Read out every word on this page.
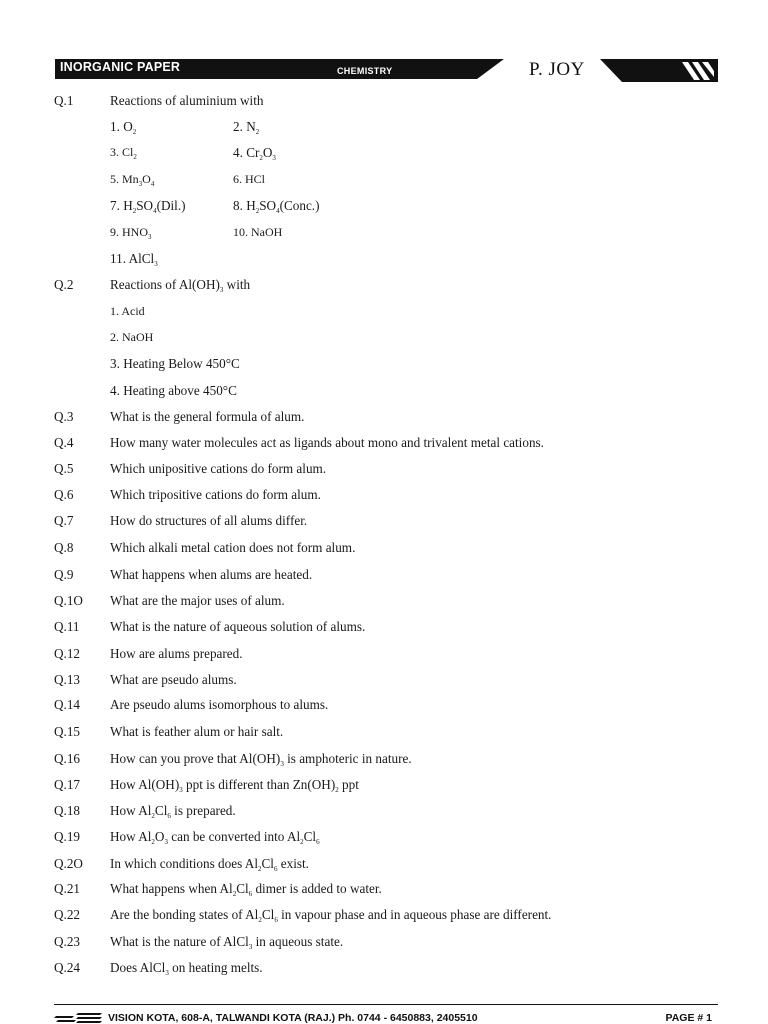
INORGANIC PAPER	CHEMISTRY	P. JOY
Q.1	Reactions of aluminium with
1. $O_2$	2. $N_2$
3. $Cl_2$	4. $Cr_2O_3$
5. $Mn_3O_4$	6. HCl
7. $H_2SO_4(Dil.)$	8. $H_2SO_4(Conc.)$
9. $HNO_3$	10. NaOH
11. AlCl$_3$
Q.2	Reactions of $Al(OH)_3$ with
1. Acid
2. NaOH
3. Heating Below 450°C
4. Heating above 450°C
Q.3	What is the general formula of alum.
Q.4	How many water molecules act as ligands about mono and trivalent metal cations.
Q.5	Which unipositive cations do form alum.
Q.6	Which tripositive cations do form alum.
Q.7	How do structures of all alums differ.
Q.8	Which alkali metal cation does not form alum.
Q.9	What happens when alums are heated.
Q.1O What are the major uses of alum.
Q.11 What is the nature of aqueous solution of alums.
Q.12 How are alums prepared.
Q.13 What are pseudo alums.
Q.14 Are pseudo alums isomorphous to alums.
Q.15 What is feather alum or hair salt.
Q.16 How can you prove that $Al(OH)_3$ is amphoteric in nature.
Q.17 How $Al(OH)_3$ ppt is different than $Zn(OH)_2$ ppt
Q.18 How $Al_2Cl_6$ is prepared.
Q.19 How $Al_2O_3$ can be converted into $Al_2Cl_6$
Q.2O In which conditions does $Al_2Cl_6$ exist.
Q.21 What happens when $Al_2Cl_6$ dimer is added to water.
Q.22 Are the bonding states of $Al_2Cl_6$ in vapour phase and in aqueous phase are different.
Q.23 What is the nature of AlCl$_3$ in aqueous state.
Q.24 Does AlCl$_3$ on heating melts.
VISION KOTA, 608-A, TALWANDI KOTA (RAJ.) Ph. 0744 - 6450883, 2405510	PAGE # 1
